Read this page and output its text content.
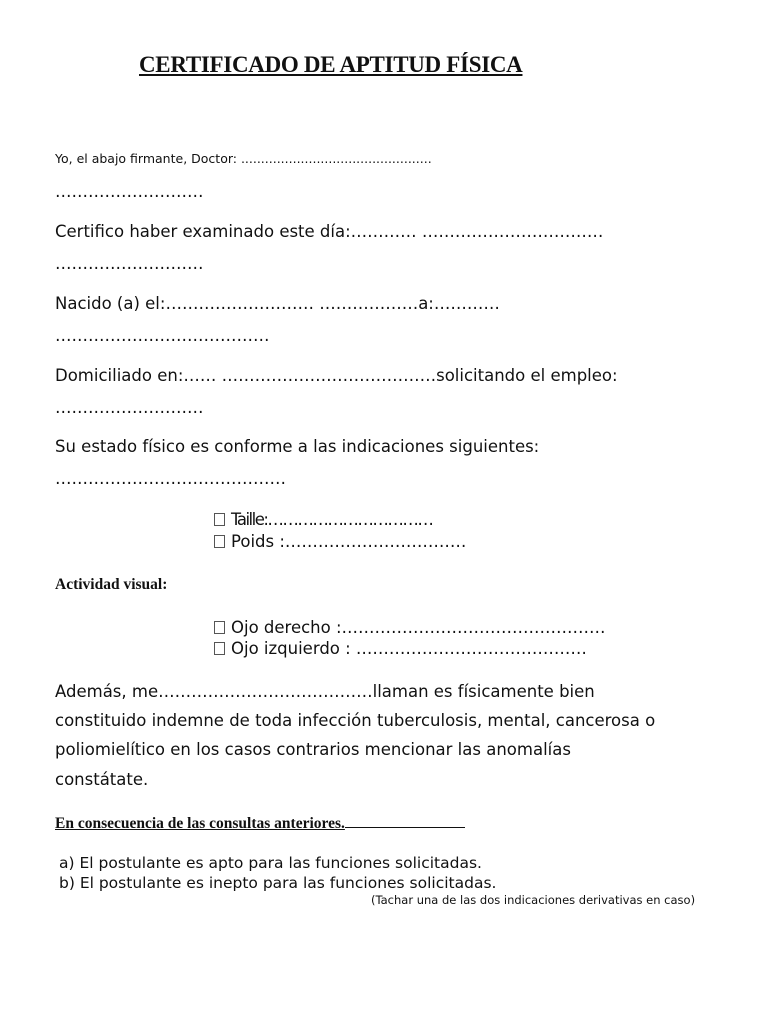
CERTIFICADO DE APTITUD FÍSICA
Yo, el abajo firmante, Doctor: ................................................
………………………
Certifico haber examinado este día:………… ……………………………
………………………
Nacido (a) el:……………………… ………………a:…………
…………………………………
Domiciliado en:…… …………………………………solicitando el empleo:
………………………
Su estado físico es conforme a las indicaciones siguientes:
……………………………………
Taille:……………………………
Poids :……………………………
Actividad visual:
Ojo derecho :…………………………………………
Ojo izquierdo : ……………………………………
Además, me…………………………………llaman es físicamente bien
constituido indemne de toda infección tuberculosis, mental, cancerosa o
poliomielítico en los casos contrarios mencionar las anomalías
constátate.
En consecuencia de las consultas anteriores.
a) El postulante es apto para las funciones solicitadas.
b) El postulante es inepto para las funciones solicitadas.
(Tachar una de las dos indicaciones derivativas en caso)
